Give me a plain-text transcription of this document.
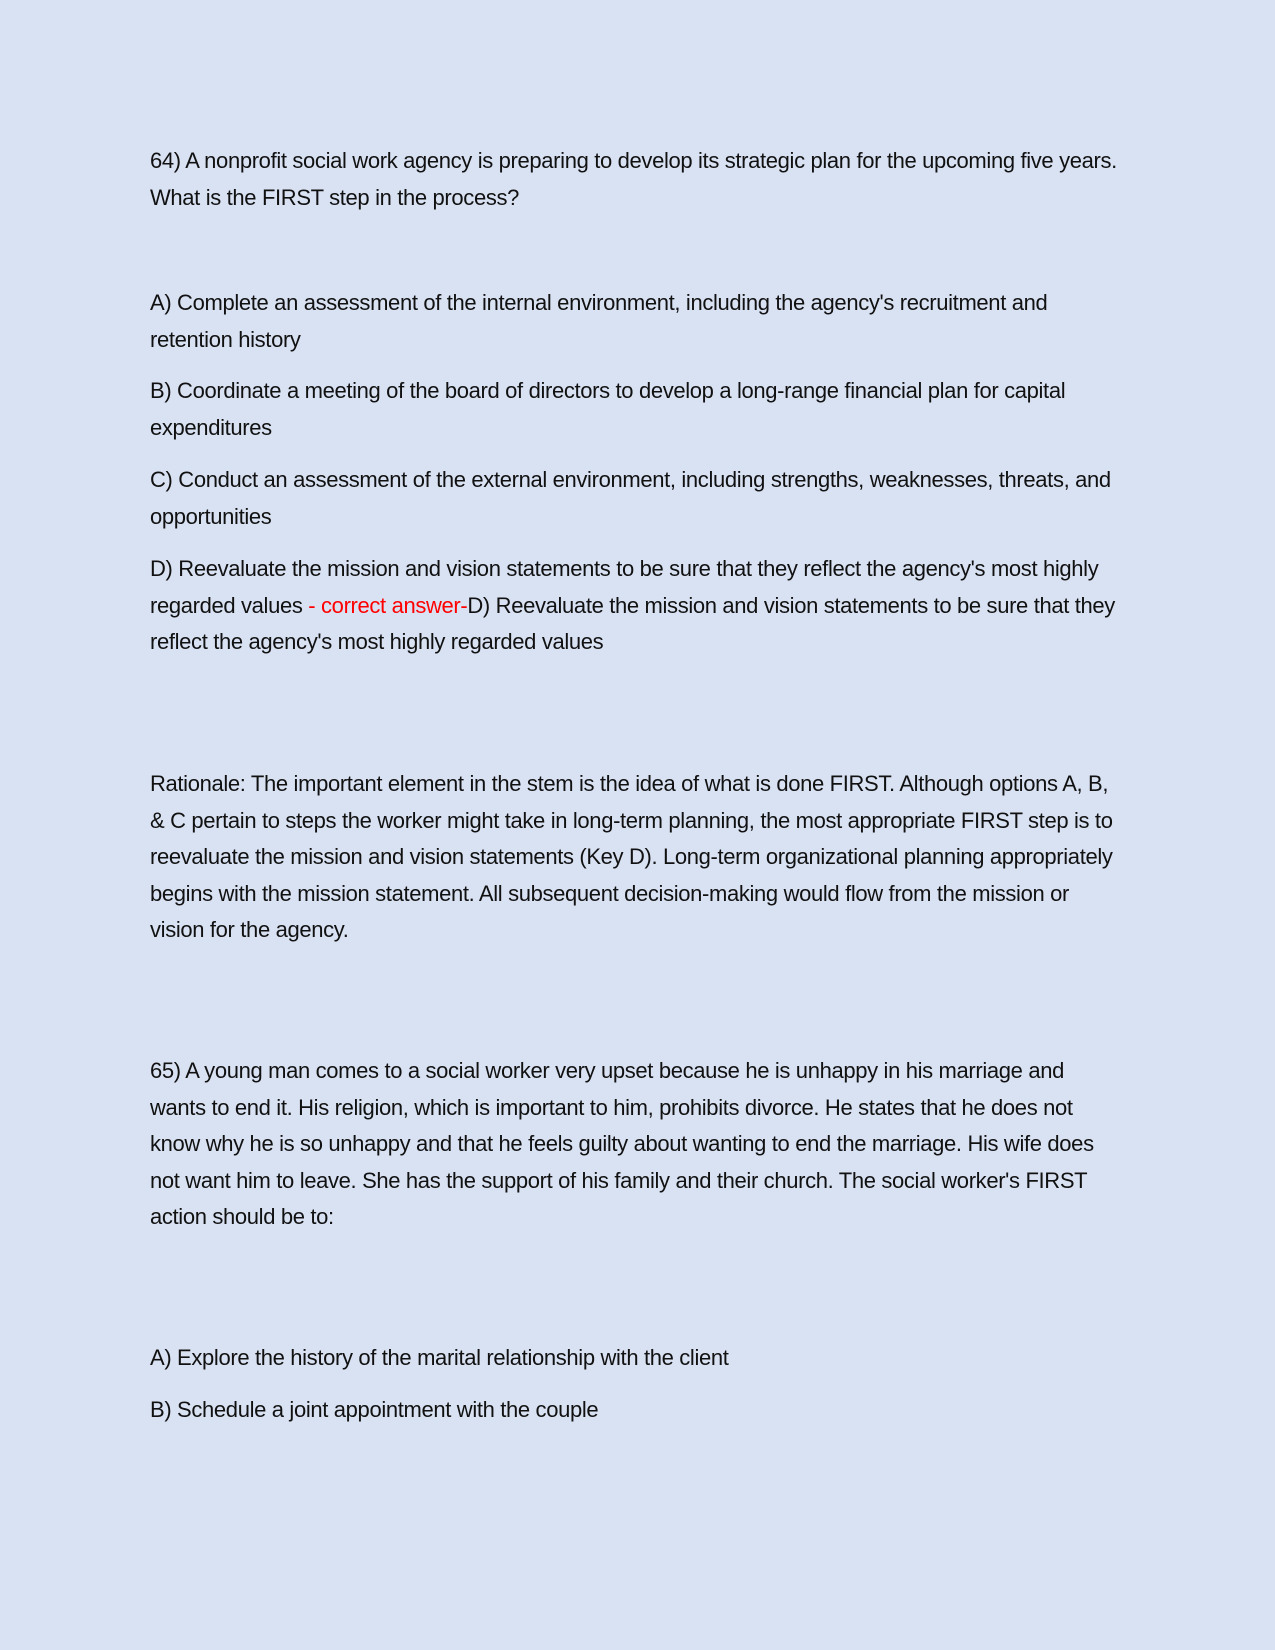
64) A nonprofit social work agency is preparing to develop its strategic plan for the upcoming five years. What is the FIRST step in the process?

A) Complete an assessment of the internal environment, including the agency's recruitment and retention history

B) Coordinate a meeting of the board of directors to develop a long-range financial plan for capital expenditures

C) Conduct an assessment of the external environment, including strengths, weaknesses, threats, and opportunities

D) Reevaluate the mission and vision statements to be sure that they reflect the agency's most highly regarded values - correct answer-D) Reevaluate the mission and vision statements to be sure that they reflect the agency's most highly regarded values

Rationale: The important element in the stem is the idea of what is done FIRST. Although options A, B, & C pertain to steps the worker might take in long-term planning, the most appropriate FIRST step is to reevaluate the mission and vision statements (Key D). Long-term organizational planning appropriately begins with the mission statement. All subsequent decision-making would flow from the mission or vision for the agency.

65) A young man comes to a social worker very upset because he is unhappy in his marriage and wants to end it. His religion, which is important to him, prohibits divorce. He states that he does not know why he is so unhappy and that he feels guilty about wanting to end the marriage. His wife does not want him to leave. She has the support of his family and their church. The social worker's FIRST action should be to:

A) Explore the history of the marital relationship with the client

B) Schedule a joint appointment with the couple
